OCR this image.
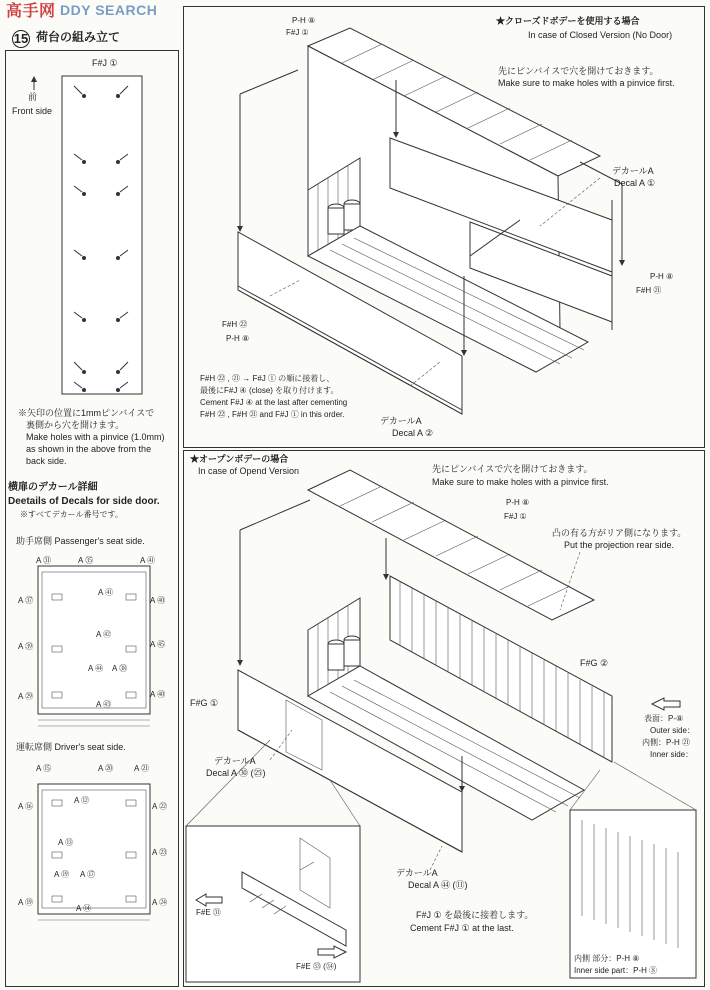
DDY SEARCH
高手网
15 荷台の組み立て
F#J ①
前
Front side
※矢印の位置に1mmピンバイスで
裏側から穴を開けます。
Make holes with a pinvice (1.0mm)
as shown in the above from the
back side.
横扉のデカール詳細
Deetails of Decals for side door.
※すべてデカール番号です。
助手席側 Passenger's seat side.
A ㉛	A ㉟	A ㊶
A ㊶
A ㊷
A ㊵
A ㊲
A ㊴
A ㉙
A ㊸
A ㊳
A ㊹
A ㊺
A ㊵
運転席側 Driver's seat side.
A ⑮	A ⑳	A ㉑
A ⑯
A ⑫
A ㉒
A ⑬
A ㉓
A ⑲ A ⑰
A ⑲
A ⑭
A ㉔
★クローズドボデーを使用する場合
In case of Closed Version (No Door)
P-H ⑧
F#J ①
先にピンバイスで穴を開けておきます。
Make sure to make holes with a pinvice first.
デカールA
Decal A ①
P-H ⑧
F#H ㉑
F#H ㉒
P-H ⑧
F#H ㉒ , ㉑ → F#J ① の順に接着し、
最後にF#J ④ (close) を取り付けます。
Cement F#J ④ at the last after cementing
F#H ㉒ , F#H ㉑ and F#J ① in this order.
デカールA
Decal A ②
★オープンボデーの場合
In case of Opend Version	先にピンバイスで穴を開けておきます。
Make sure to make holes with a pinvice first.
P-H ⑧
F#J ①
凸の有る方がリア側になります。
Put the projection rear side.
F#G ②
F#G ①
表面：P-⑧
Outer side：
内側：P-H ㉑
Inner side：
デカールA
Decal A ㉚ (㉕)
デカールA
Decal A ㊹ (⑪)
F#E ㉛
F#E ㉝ (㉞)
F#J ① を最後に接着します。
Cement F#J ① at the last.
内側 部分：P-H ⑧
Inner side part：P-H ⑧
